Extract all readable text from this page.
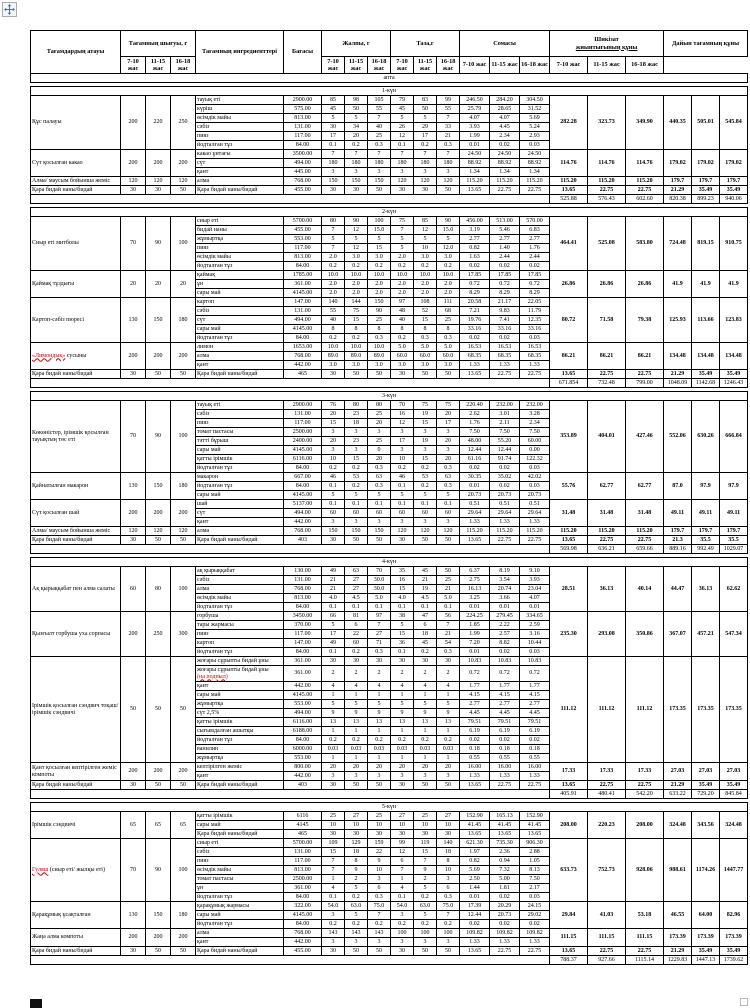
Тағамдардың атауы	Тағамның шығуы, г			Тағамның ингредиенттері	Бағасы	Жалпы, г			Таза,г			Сомасы			Шикізат
жиынтығының құны			Дайын тағамның құны
	7-10 жас	11-15 жас	16-18 жас			7-10 жас	11-15 жас	16-18 жас	7-10 жас	11-15 жас	16-18 жас	7-10 жас	11-15 жас	16-18 жас	7-10 жас	11-15 жас	16-18 жас	
апта																		
1-күн																				
Құс палауы	200	220	250	тауық еті	2900.00	85	98	105	79	83	99	246.50	284.20	304.50	282.28	323.73	349.90	440.35	505.01	545.84
				күріш	575.00	45	50	55	45	50	55	25.79	28.65	31.52						
				өсімдік майы	813.00	5	5	7	5	5	7	4.07	4.07	5.69						
				сәбіз	131.00	30	34	40	26	29	33	3.93	4.45	5.24						
				пияз	117.00	17	20	25	12	17	21	1.99	2.34	2.93						
				йодталған тұз	84.00	0.1	0.2	0.3	0.1	0.2	0.3	0.01	0.02	0.03						
Сүт қосылған какао	200	200	200	какао ұнтағы	3500.00	7	7	7	7	7	7	24.50	24.50	24.50	114.76	114.76	114.76	179.02	179.02	179.02
				сүт	494.00	180	180	180	180	180	180	88.92	88.92	88.92						
				қант	445.00	3	3	3	3	3	3	1.34	1.34	1.34						
Алма/ маусым бойынша жеміс	120	120	120	алма	768.00	150	150	150	120	120	120	115.20	115.20	115.20	115.20	115.20	115.20	179.7	179.7	179.7
Қара бидай наны/бидай	30	30	50	Қара бидай наны/бидай	455.00	30	30	50	30	30	50	13.65	22.75	22.75	13.65	22.75	22.75	21.29	35.49	35.49
															525.88	576.43	602.60	820.38	899.23	940.06
2-күн																				
Сиыр еті митболы	70	90	100	сиыр еті	5700.00	80	90	100	75	85	90	456.00	513.00	570.00	464.41	525.08	583.80	724.48	819.15	910.75
				бидай наны	455.00	7	12	15.0	7	12	15.0	3.19	5.46	6.83						
				жұмыртқа	553.00	5	5	5	5	5	5	2.77	2.77	2.77						
				пияз	117.00	7	12	15	5	10	12.0	0.82	1.40	1.76						
				өсімдік майы	813.00	2.0	3.0	3.0	2.0	3.0	3.0	1.63	2.44	2.44						
				йодталған тұз	84.00	0.2	0.2	0.2	0.2	0.2	0.2	0.02	0.02	0.02						
Қаймақ тұздығы	20	20	20	қаймақ	1785.00	10.0	10.0	10.0	10.0	10.0	10.0	17.85	17.85	17.85	26.86	26.86	26.86	41.9	41.9	41.9
				ұн	361.00	2.0	2.0	2.0	2.0	2.0	2.0	0.72	0.72	0.72						
				сары май	4145.00	2.0	2.0	2.0	2.0	2.0	2.0	8.29	8.29	8.29						
Картоп-сәбіз пюресі	130	150	180	картоп	147.00	140	144	150	97	108	111	20.58	21.17	22.05	80.72	71.58	79.38	125.93	113.66	123.83
				сәбіз	131.00	55	75	90	48	52	68	7.21	9.83	11.79						
				сүт	494.00	40	15	25	40	15	25	19.76	7.41	12.35						
				сары май	4145.00	8	8	8	8	8	8	33.16	33.16	33.16						
				йодталған тұз	84.00	0.2	0.2	0.3	0.2	0.3	0.3	0.02	0.02	0.03						
«Лимондық» сусыны	200	200	200	лимон	1653.00	10.0	10.0	10.0	5.0	5.0	5.0	16.53	16.53	16.53	86.21	86.21	86.21	134.48	134.48	134.48
				алма	768.00	89.0	89.0	89.0	60.0	60.0	60.0	68.35	68.35	68.35						
				қант	442.00	3.0	3.0	3.0	3.0	3.0	3.0	1.33	1.33	1.33						
Қара бидай наны/бидай	30	50	50	Қара бидай наны/бидай	465	30	50	50	30	50	50	13.65	22.75	22.75	13.65	22.75	22.75	21.29	35.49	35.49
															671.854	732.48	799.00	1048.09	1142.68	1246.43
3-күн																				
Көкөністер, ірімшік қосылған тауықтың төс еті	70	90	100	тауық еті	2900.00	76	80	80	70	75	75	220.40	232.00	232.00	353.89	404.01	427.46	552.06	630.26	666.84
				сәбіз	131.00	20	23	25	16	19	20	2.62	3.01	3.28						
				пияз	117.00	15	18	20	12	15	17	1.76	2.11	2.34						
				томат пастасы	2500.00	3	3	3	3	3	3	7.50	7.50	7.50						
				тәтті бұрыш	2400.00	20	23	25	17	19	20	48.00	55.20	60.00						
				сары май	4145.00	3	3	0	3	3	3	12.44	12.44	0.00						
				қатты ірімшік	6116.00	10	15	20	10	15	20	61.16	91.74	122.32						
				йодталған тұз	84.00	0.2	0.2	0.3	0.2	0.2	0.3	0.02	0.02	0.03						
Қайнатылған макарон	130	150	180	макарон	667.00	46	53	63	46	53	63	30.35	35.02	42.02	55.76	62.77	62.77	87.0	97.9	97.9
				йодталған тұз	84.00	0.1	0.2	0.3	0.1	0.2	0.3	0.01	0.02	0.03						
				сары май	4145.00	5	5	5	5	5	5	20.73	20.73	20.73						
Сүт қосылған шай	200	200	200	шай	5137.00	0.1	0.1	0.1	0.1	0.1	0.1	0.51	0.51	0.51	31.48	31.48	31.48	49.11	49.11	49.11
				сүт	494.00	60	60	60	60	60	60	29.64	29.64	29.64						
				қант	442.00	3	3	3	3	3	3	1.33	1.33	1.33						
Алма/ маусым бойынша жеміс	120	120	120	алма	768.00	150	150	150	120	120	120	115.20	115.20	115.20	115.20	115.20	115.20	179.7	179.7	179.7
Қара бидай наны/бидай	30	50	50	Қара бидай наны/бидай	403	30	50	50	30	50	50	13.65	22.75	22.75	13.65	22.75	22.75	21.3	35.5	35.5
															569.98	636.21	659.66	889.16	992.49	1029.07
4-күн																				
Ақ қырыққабат пен алма салаты	60	80	100	ақ қырыққабат	130.00	49	63	70	35	45	50	6.37	8.19	9.10	28.51	36.13	40.14	44.47	36.13	62.62
				сәбіз	131.00	21	27	30.0	16	21	25	2.75	3.54	3.93						
				алма	768.00	21	27	30.0	15	19	21	16.13	20.74	23.04						
				өсімдік майы	813.00	4.0	4.5	5.0	4.0	4.5	5.0	3.25	3.66	4.07						
				йодталған тұз	84.00	0.1	0.1	0.1	0.1	0.1	0.1	0.01	0.01	0.01						
Қызғылт горбуша уха сорпасы	200	250	300	горбуша	3450.00	66	81	97	38	47	56	224.25	279.45	334.65	235.30	293.08	350.86	367.07	457.21	547.34
				тары жармасы	370.00	5	6	7	5	6	7	1.85	2.22	2.59						
				пияз	117.00	17	22	27	15	18	21	1.99	2.57	3.16						
				картоп	147.00	49	60	71	36	45	54	7.20	8.82	10.44						
				йодталған тұз	84.00	0.1	0.2	0.3	0.1	0.2	0.3	0.01	0.02	0.03						
Ірімшік қосылған сэндвич тоқаш/ ірімшік сэндвичі	50	50	50	жоғары сұрыпты бидай ұны	361.00	30	30	30	30	30	30	10.83	10.83	10.83	111.12	111.12	111.12	173.35	173.35	173.35
				жоғары сұрыпты бидай ұны
(на подпыл)	361.00	2	2	2	2	2	2	0.72	0.72	0.72						
				қант	442.00	4	4	4	4	4	4	1.77	1.77	1.77						
				сары май	4145.00	1	1	1	1	1	1	4.15	4.15	4.15						
				жұмыртқа	553.00	5	5	5	5	5	5	2.77	2.77	2.77						
				сүт 2,5%	494.00	9	9	9	9	9	9	4.45	4.45	4.45						
				қатты ірімшік	6116.00	13	13	13	13	13	13	79.51	79.51	79.51						
				сығымдалған ашытқы	6188.00	1	1	1	1	1	1	6.19	6.19	6.19						
				йодталған тұз	84.00	0.2	0.2	0.2	0.2	0.2	0.2	0.02	0.02	0.02						
				ванилин	6000.00	0.03	0.03	0.03	0.03	0.03	0.03	0.18	0.18	0.18						
				жұмыртқа	553.00	1	1	1	1	1	1	0.55	0.55	0.55						
Қант қосылған кептірілген жеміс компоты	200	200	200	кептірілген жеміс	800.00	20	20	20	20	20	20	16.00	16.00	16.00	17.33	17.33	17.33	27.03	27.03	27.03
				қант	442.00	3	3	3	3	3	3	1.33	1.33	1.33						
Қара бидай наны/бидай	30	50	50	Қара бидай наны/бидай	403	30	50	50	30	50	50	13.65	22.75	22.75	13.65	22.75	22.75	21.29	35.49	35.49
															405.91	480.41	542.20	633.22	729.20	845.84
5-күн																				
Ірімшік сэндвичі	65	65	65	қатты ірімшік	6116	25	27	25	27	25	27	152.90	165.13	152.90	208.00	220.23	208.00	324.48	343.56	324.48
				сары май	4145	10	10	10	10	10	10	41.45	41.45	41.45						
				Қара бидай наны/бидай	465	30	30	30	30	30	30	13.65	13.65	13.65						
Гуляш (сиыр еті/ жылқы еті)	70	90	100	сиыр еті	5700.00	109	129	159	99	119	140	621.30	735.30	906.30	633.73	752.73	928.06	988.61	1174.26	1447.77
				сәбіз	131.00	15	18	22	12	15	18	1.97	2.36	2.88						
				пияз	117.00	7	8	9	6	7	8	0.82	0.94	1.05						
				өсімдік майы	813.00	7	9	10	7	9	10	5.69	7.32	8.13						
				томат пастасы	2500.00	1	2	3	1	2	3	2.50	5.00	7.50						
				ұн	361.00	4	5	6	4	5	6	1.44	1.81	2.17						
				йодталған тұз	84.00	0.1	0.2	0.3	0.1	0.2	0.3	0.01	0.02	0.03						
Қарақұмық ұсақталған	130	150	180	қарақұмық жармасы	322.00	54.0	63.0	75.0	54.0	63.0	75.0	17.39	20.29	24.15	29.84	41.03	53.18	46.55	64.00	82.96
				сары май	4145.00	3	5	7	3	5	7	12.44	20.73	29.02						
				йодталған тұз	84.00	0.2	0.2	0.2	0.2	0.2	0.2	0.02	0.02	0.02						
Жаңа алма компоты	200	200	200	алма	768.00	143	143	143	100	100	100	109.82	109.82	109.82	111.15	111.15	111.15	173.39	173.39	173.39
				қант	442.00	3	3	3	3	3	3	1.33	1.33	1.33						
Қара бидай наны/бидай	30	50	50	Қара бидай наны/бидай	455.00	30	50	50	30	50	50	13.65	22.75	22.75	13.65	22.75	22.75	21.29	35.49	35.49
															788.37	927.66	1115.14	1229.83	1447.13	1739.62
